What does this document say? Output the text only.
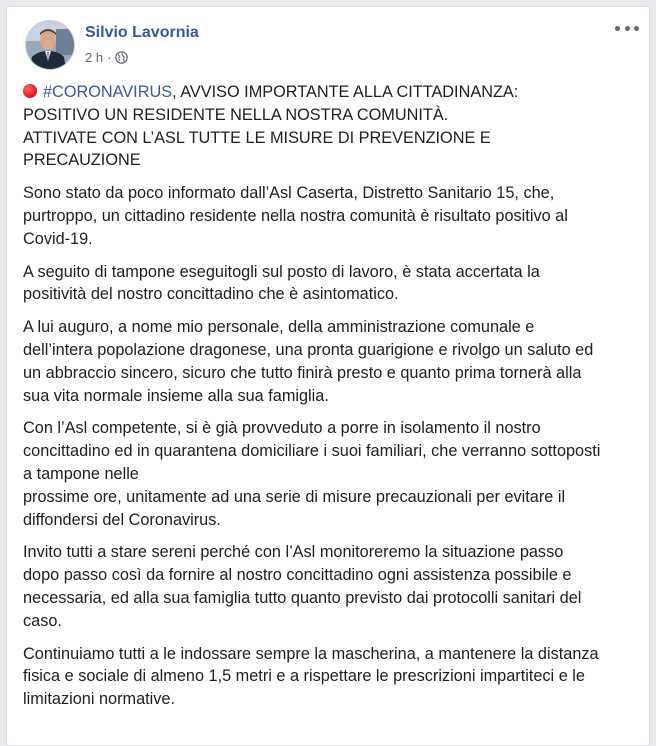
Silvio Lavornia
2 h ·

#CORONAVIRUS, AVVISO IMPORTANTE ALLA CITTADINANZA:
POSITIVO UN RESIDENTE NELLA NOSTRA COMUNITÀ.
ATTIVATE CON L’ASL TUTTE LE MISURE DI PREVENZIONE E PRECAUZIONE

Sono stato da poco informato dall’Asl Caserta, Distretto Sanitario 15, che, purtroppo, un cittadino residente nella nostra comunità è risultato positivo al Covid-19.

A seguito di tampone eseguitogli sul posto di lavoro, è stata accertata la positività del nostro concittadino che è asintomatico.

A lui auguro, a nome mio personale, della amministrazione comunale e dell’intera popolazione dragonese, una pronta guarigione e rivolgo un saluto ed un abbraccio sincero, sicuro che tutto finirà presto e quanto prima tornerà alla sua vita normale insieme alla sua famiglia.

Con l’Asl competente, si è già provveduto a porre in isolamento il nostro concittadino ed in quarantena domiciliare i suoi familiari, che verranno sottoposti a tampone nelle
prossime ore, unitamente ad una serie di misure precauzionali per evitare il diffondersi del Coronavirus.

Invito tutti a stare sereni perché con l’Asl monitoreremo la situazione passo dopo passo così da fornire al nostro concittadino ogni assistenza possibile e necessaria, ed alla sua famiglia tutto quanto previsto dai protocolli sanitari del caso.

Continuiamo tutti a le indossare sempre la mascherina, a mantenere la distanza fisica e sociale di almeno 1,5 metri e a rispettare le prescrizioni impartiteci e le limitazioni normative.
